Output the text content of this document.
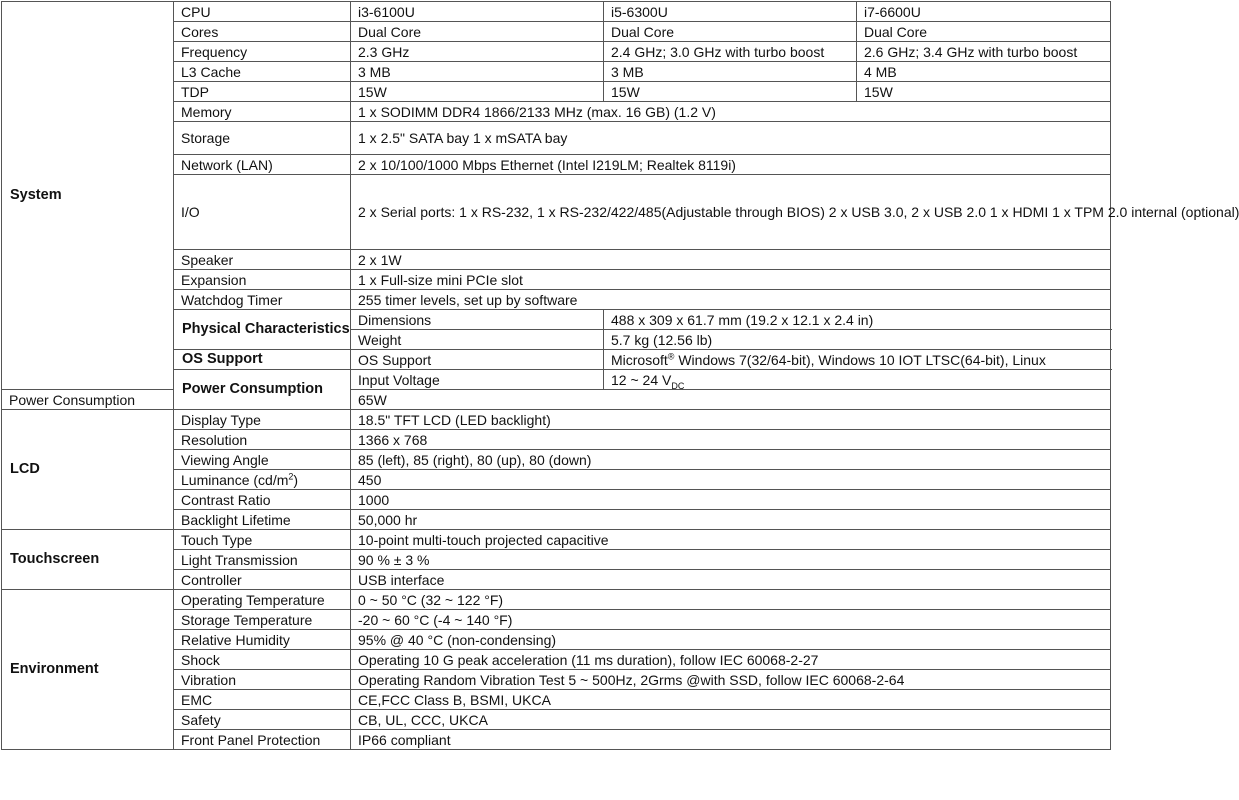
System	CPU	i3-6100U	i5-6300U	i7-6600U
	Cores	Dual Core	Dual Core	Dual Core
	Frequency	2.3 GHz	2.4 GHz; 3.0 GHz with turbo boost	2.6 GHz; 3.4 GHz with turbo boost
	L3 Cache	3 MB	3 MB	4 MB
	TDP	15W	15W	15W
	Memory	1 x SODIMM DDR4 1866/2133 MHz (max. 16 GB) (1.2 V)		
	Storage	1 x 2.5" SATA bay 1 x mSATA bay		
	Network (LAN)	2 x 10/100/1000 Mbps Ethernet (Intel I219LM; Realtek 8119i)		
	I/O	2 x Serial ports: 1 x RS-232, 1 x RS-232/422/485(Adjustable through BIOS) 2 x USB 3.0, 2 x USB 2.0 1 x HDMI 1 x TPM 2.0 internal (optional)		
	Speaker	2 x 1W		
	Expansion	1 x Full-size mini PCIe slot		
	Watchdog Timer	255 timer levels, set up by software		
	Physical Characteristics	Dimensions	488 x 309 x 61.7 mm (19.2 x 12.1 x 2.4 in)	
		Weight	5.7 kg (12.56 lb)	
	OS Support	OS Support	Microsoft® Windows 7(32/64-bit), Windows 10 IOT LTSC(64-bit), Linux	
	Power Consumption	Input Voltage	12 ~ 24 $V_{DC}$
Power Consumption		65W		
LCD	Display Type	18.5" TFT LCD (LED backlight)		
	Resolution	1366 x 768		
	Viewing Angle	85 (left), 85 (right), 80 (up), 80 (down)		
	Luminance $(cd/m^2)$	450		
	Contrast Ratio	1000		
	Backlight Lifetime	50,000 hr		
Touchscreen	Touch Type	10-point multi-touch projected capacitive		
	Light Transmission	90 % ± 3 %		
	Controller	USB interface		
Environment	Operating Temperature	0 ~ 50 °C (32 ~ 122 °F)		
	Storage Temperature	-20 ~ 60 °C (-4 ~ 140 °F)		
	Relative Humidity	95% @ 40 °C (non-condensing)		
	Shock	Operating 10 G peak acceleration (11 ms duration), follow IEC 60068-2-27		
	Vibration	Operating Random Vibration Test 5 ~ 500Hz, 2Grms @with SSD, follow IEC 60068-2-64		
	EMC	CE,FCC Class B, BSMI, UKCA		
	Safety	CB, UL, CCC, UKCA		
	Front Panel Protection	IP66 compliant		
